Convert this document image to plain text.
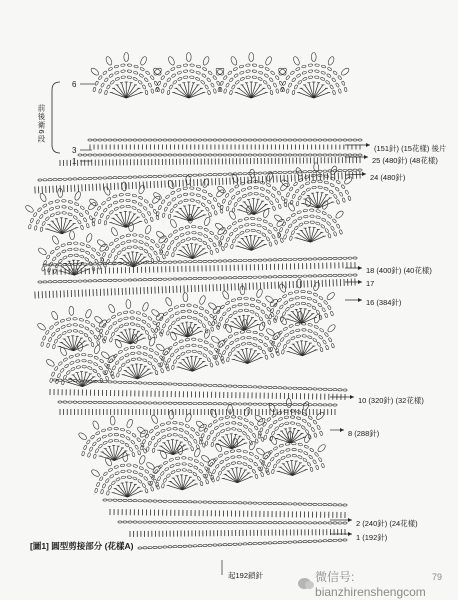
前後衛6段
6
3
1
(151針) (15花樣) 後片
25 (480針) (48花樣)
24 (480針)
18 (400針) (40花樣)
17
16 (384針)
10 (320針) (32花樣)
8 (288針)
2 (240針) (24花樣)
1 (192針)
[圖1] 圓型剪接部分 (花樣A)
起192鎖針	微信号: bianzhirenshengcom
79
